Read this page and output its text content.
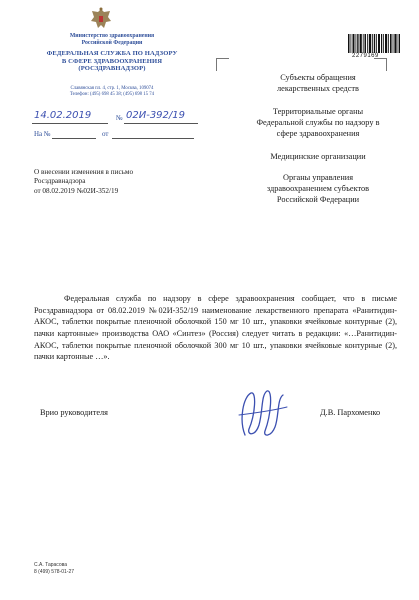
Министерство здравоохранения
Российской Федерации
ФЕДЕРАЛЬНАЯ СЛУЖБА ПО НАДЗОРУ
В СФЕРЕ ЗДРАВООХРАНЕНИЯ
(РОСЗДРАВНАДЗОР)
Славянская пл. 4, стр. 1, Москва, 109074
Телефон: (495) 698 45 38; (495) 698 15 74
14.02.2019	№ 02И-392/19
На №	от
2279169
Субъекты обращения
лекарственных средств
Территориальные органы
Федеральной службы по надзору в
сфере здравоохранения
Медицинские организации
Органы управления
здравоохранением субъектов
Российской Федерации
О внесении изменения в письмо
Росздравнадзора
от 08.02.2019 №02И-352/19
Федеральная служба по надзору в сфере здравоохранения сообщает, что в письме Росздравнадзора от 08.02.2019 №02И-352/19 наименование лекарственного препарата «Ранитидин-АКОС, таблетки покрытые пленочной оболочкой 150 мг 10 шт., упаковки ячейковые контурные (2), пачки картонные» производства ОАО «Синтез» (Россия) следует читать в редакции: «…Ранитидин-АКОС, таблетки покрытые пленочной оболочкой 300 мг 10 шт., упаковки ячейковые контурные (2), пачки картонные …».
Врио руководителя	Д.В. Пархоменко
С.А. Тарасова
8 (499) 578-01-27
